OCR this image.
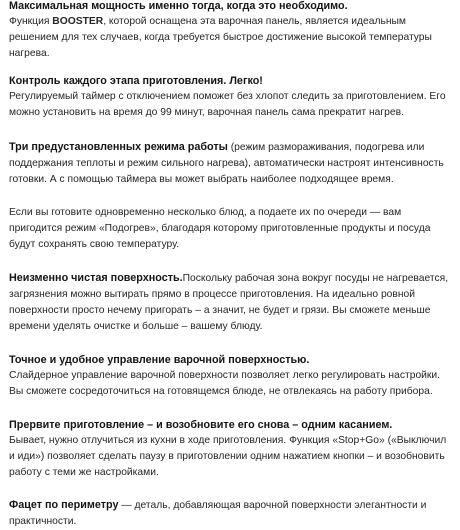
Максимальная мощность именно тогда, когда это необходимо.

Функция BOOSTER, которой оснащена эта варочная панель, является идеальным решением для тех случаев, когда требуется быстрое достижение высокой температуры нагрева.

Контроль каждого этапа приготовления. Легко!

Регулируемый таймер с отключением поможет без хлопот следить за приготовлением. Его можно установить на время до 99 минут, варочная панель сама прекратит нагрев.

Три предустановленных режима работы (режим размораживания, подогрева или поддержания теплоты и режим сильного нагрева), автоматически настроят интенсивность готовки. А с помощью таймера вы может выбрать наиболее подходящее время.

Если вы готовите одновременно несколько блюд, а подаете их по очереди — вам пригодится режим «Подогрев», благодаря которому приготовленные продукты и посуда будут сохранять свою температуру.

Неизменно чистая поверхность.Поскольку рабочая зона вокруг посуды не нагревается, загрязнения можно вытирать прямо в процессе приготовления. На идеально ровной поверхности просто нечему пригорать – а значит, не будет и грязи. Вы сможете меньше времени уделять очистке и больше – вашему блюду.

Точное и удобное управление варочной поверхностью.

Слайдерное управление варочной поверхности позволяет легко регулировать настройки. Вы сможете сосредоточиться на готовящемся блюде, не отвлекаясь на работу прибора.

Прервите приготовление – и возобновите его снова – одним касанием.

Бывает, нужно отлучиться из кухни в ходе приготовления. Функция «Stop+Go» («Выключил и иди») позволяет сделать паузу в приготовлении одним нажатием кнопки – и возобновить работу с теми же настройками.

Фацет по периметру — деталь, добавляющая варочной поверхности элегантности и практичности.
